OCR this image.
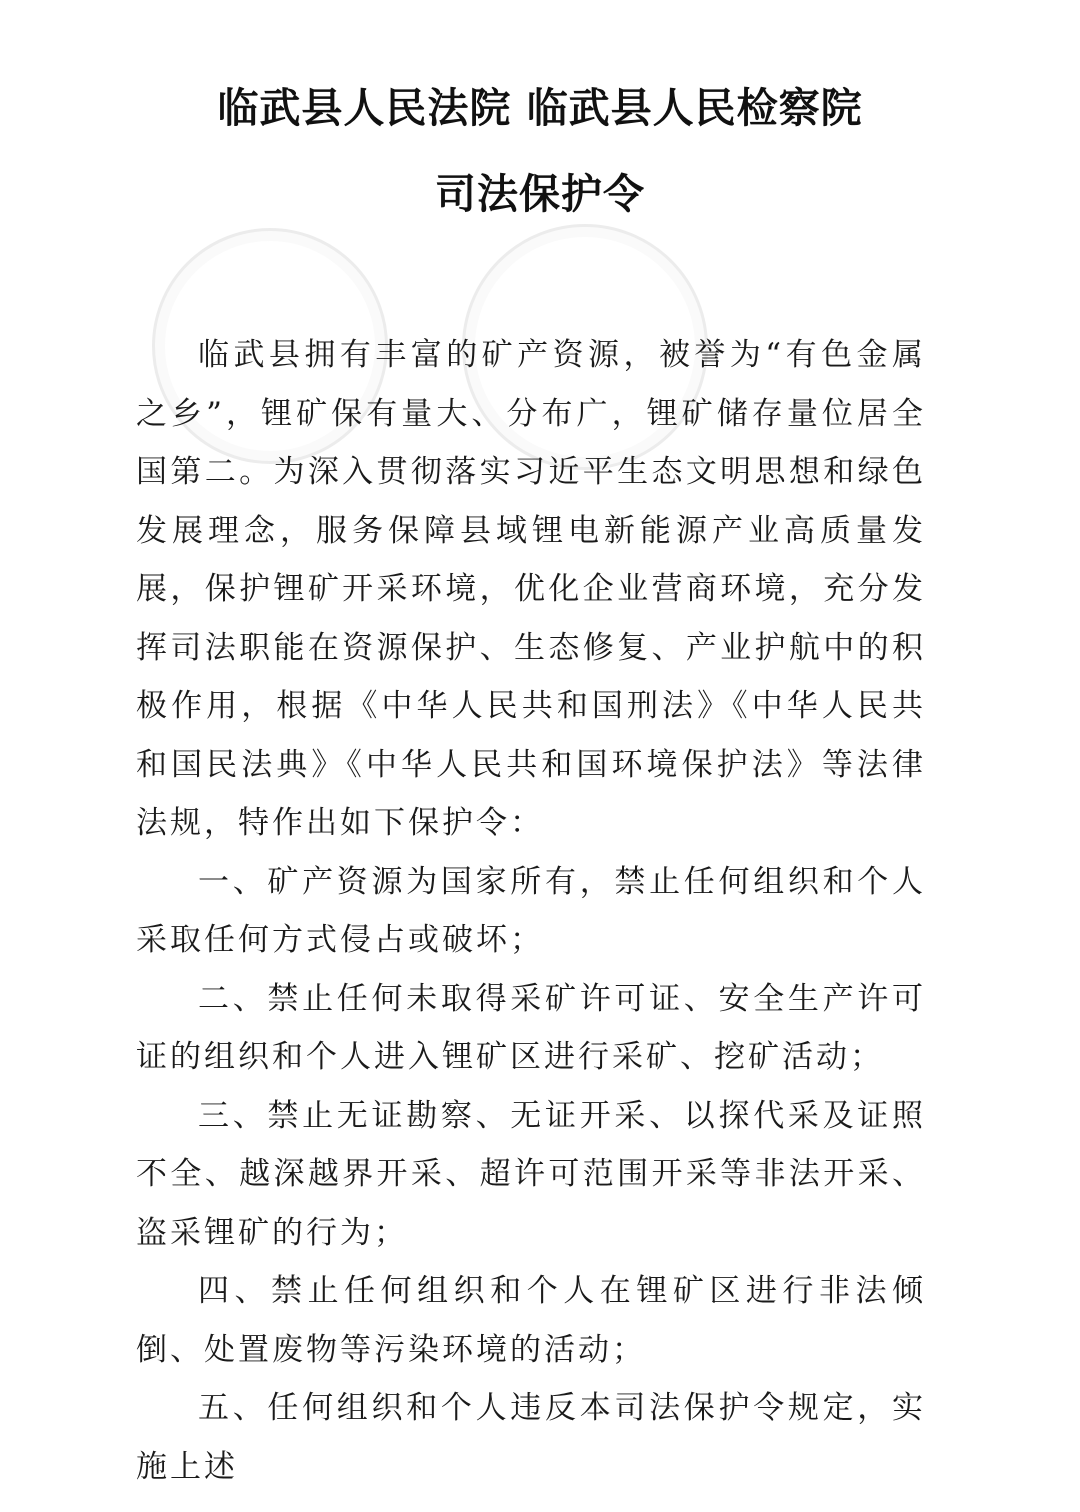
临武县人民法院 临武县人民检察院
司法保护令

临武县拥有丰富的矿产资源，被誉为“有色金属之乡”，锂矿保有量大、分布广，锂矿储存量位居全国第二。为深入贯彻落实习近平生态文明思想和绿色发展理念，服务保障县域锂电新能源产业高质量发展，保护锂矿开采环境，优化企业营商环境，充分发挥司法职能在资源保护、生态修复、产业护航中的积极作用，根据《中华人民共和国刑法》《中华人民共和国民法典》《中华人民共和国环境保护法》等法律法规，特作出如下保护令：

一、矿产资源为国家所有，禁止任何组织和个人采取任何方式侵占或破坏；

二、禁止任何未取得采矿许可证、安全生产许可证的组织和个人进入锂矿区进行采矿、挖矿活动；

三、禁止无证勘察、无证开采、以探代采及证照不全、越深越界开采、超许可范围开采等非法开采、盗采锂矿的行为；

四、禁止任何组织和个人在锂矿区进行非法倾倒、处置废物等污染环境的活动；

五、任何组织和个人违反本司法保护令规定，实施上述
